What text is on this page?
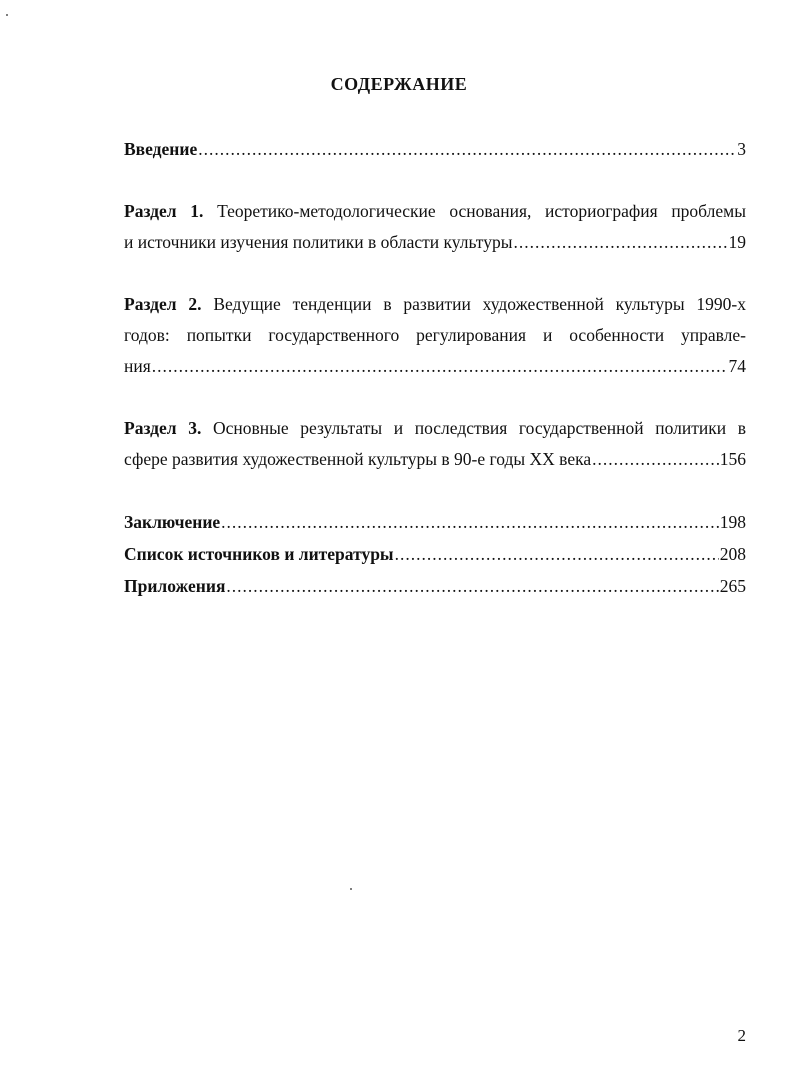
СОДЕРЖАНИЕ
Введение .....	3
Раздел 1. Теоретико-методологические основания, историография проблемы
и источники изучения политики в области культуры .....	19
Раздел 2. Ведущие тенденции в развитии художественной культуры 1990-х
годов: попытки государственного регулирования и особенности управле-
ния .....	74
Раздел 3. Основные результаты и последствия государственной политики в
сфере развития художественной культуры в 90-е годы XX века .....	156
Заключение .....	198
Список источников и литературы .....	208
Приложения .....	265
2
